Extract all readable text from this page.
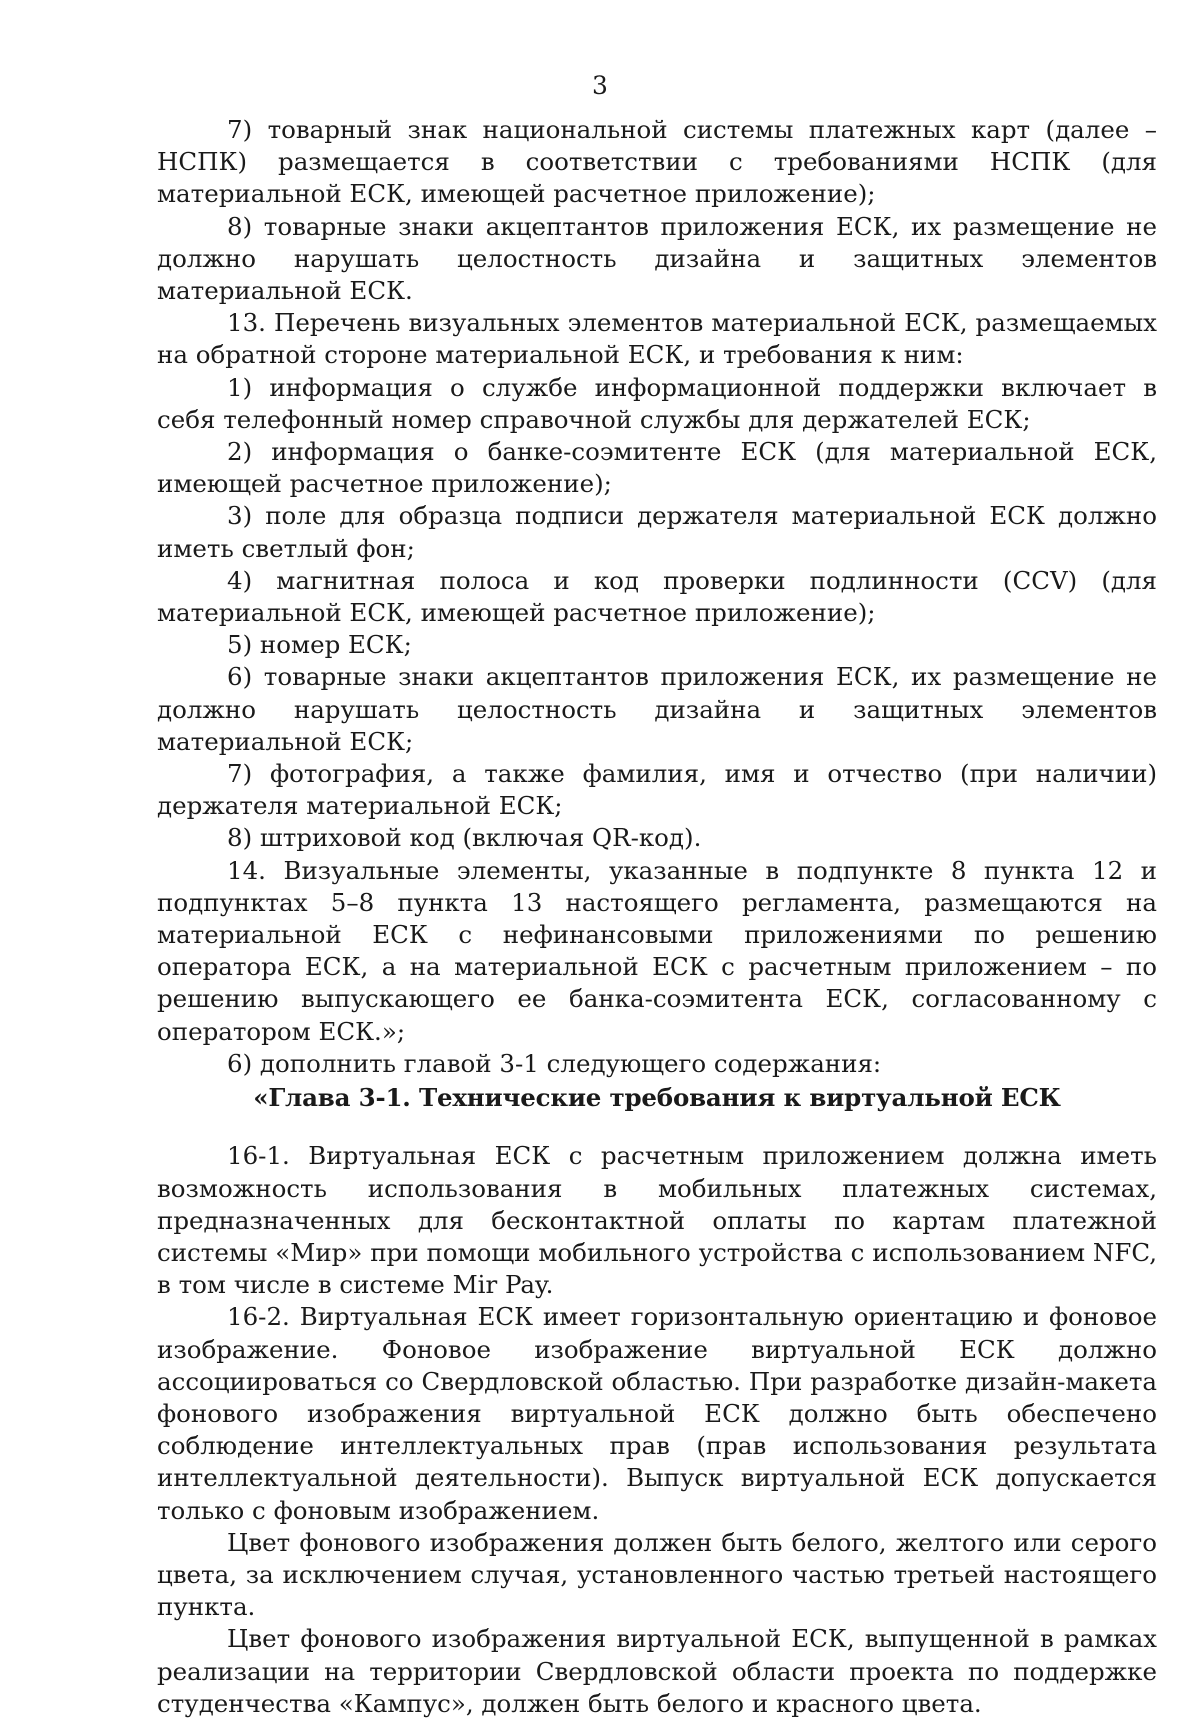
3

7) товарный знак национальной системы платежных карт (далее – НСПК) размещается в соответствии с требованиями НСПК (для материальной ЕСК, имеющей расчетное приложение);

8) товарные знаки акцептантов приложения ЕСК, их размещение не должно нарушать целостность дизайна и защитных элементов материальной ЕСК.

13. Перечень визуальных элементов материальной ЕСК, размещаемых на обратной стороне материальной ЕСК, и требования к ним:

1) информация о службе информационной поддержки включает в себя телефонный номер справочной службы для держателей ЕСК;

2) информация о банке-соэмитенте ЕСК (для материальной ЕСК, имеющей расчетное приложение);

3) поле для образца подписи держателя материальной ЕСК должно иметь светлый фон;

4) магнитная полоса и код проверки подлинности (CCV) (для материальной ЕСК, имеющей расчетное приложение);

5) номер ЕСК;

6) товарные знаки акцептантов приложения ЕСК, их размещение не должно нарушать целостность дизайна и защитных элементов материальной ЕСК;

7) фотография, а также фамилия, имя и отчество (при наличии) держателя материальной ЕСК;

8) штриховой код (включая QR-код).

14. Визуальные элементы, указанные в подпункте 8 пункта 12 и подпунктах 5–8 пункта 13 настоящего регламента, размещаются на материальной ЕСК с нефинансовыми приложениями по решению оператора ЕСК, а на материальной ЕСК с расчетным приложением – по решению выпускающего ее банка-соэмитента ЕСК, согласованному с оператором ЕСК.»;

6) дополнить главой 3-1 следующего содержания:

«Глава 3-1. Технические требования к виртуальной ЕСК

16-1. Виртуальная ЕСК с расчетным приложением должна иметь возможность использования в мобильных платежных системах, предназначенных для бесконтактной оплаты по картам платежной системы «Мир» при помощи мобильного устройства с использованием NFC, в том числе в системе Mir Pay.

16-2. Виртуальная ЕСК имеет горизонтальную ориентацию и фоновое изображение. Фоновое изображение виртуальной ЕСК должно ассоциироваться со Свердловской областью. При разработке дизайн-макета фонового изображения виртуальной ЕСК должно быть обеспечено соблюдение интеллектуальных прав (прав использования результата интеллектуальной деятельности). Выпуск виртуальной ЕСК допускается только с фоновым изображением.

Цвет фонового изображения должен быть белого, желтого или серого цвета, за исключением случая, установленного частью третьей настоящего пункта.

Цвет фонового изображения виртуальной ЕСК, выпущенной в рамках реализации на территории Свердловской области проекта по поддержке студенчества «Кампус», должен быть белого и красного цвета.
